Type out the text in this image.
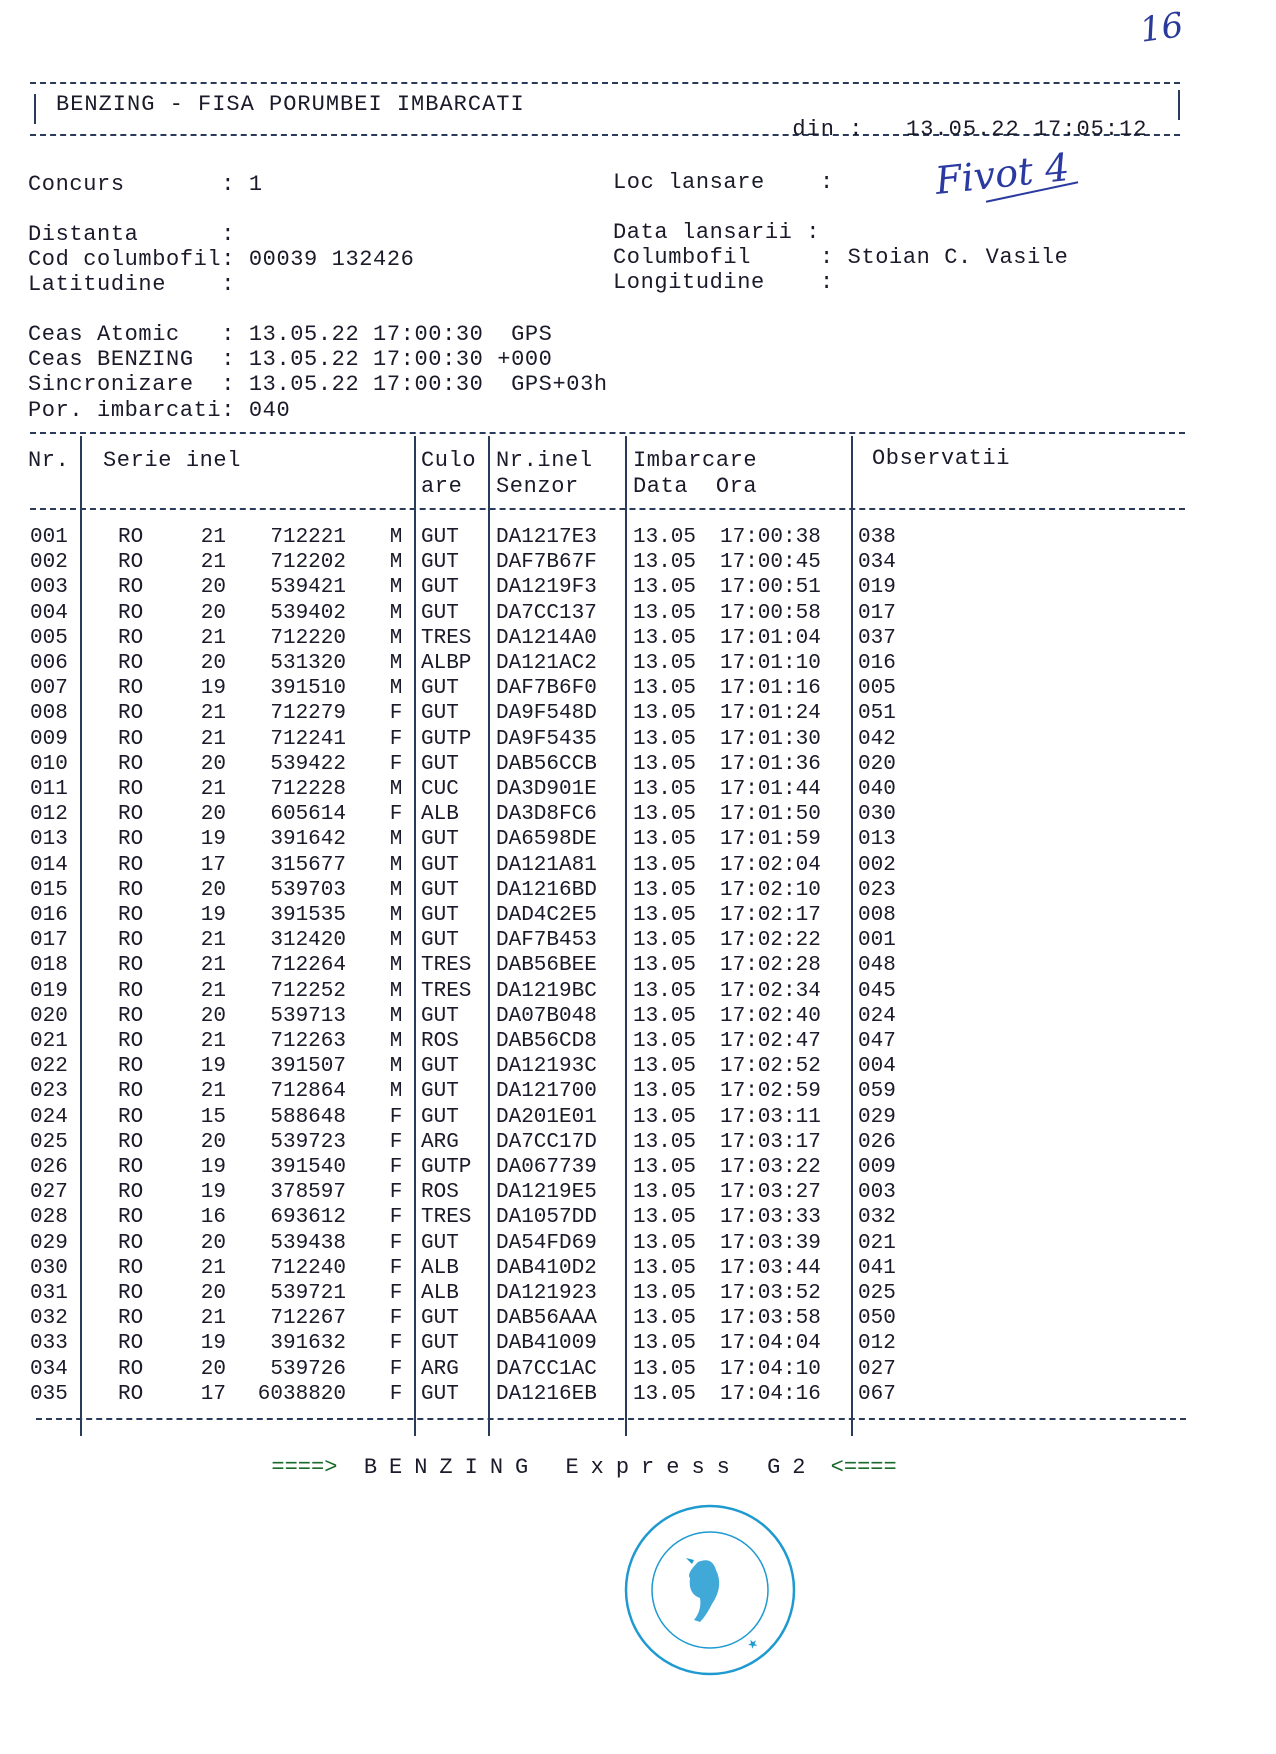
16
BENZING - FISA PORUMBEI IMBARCATI

din : 13.05.22 17:05:12

Concurs       : 1	Loc lansare    :	Fivot 4
Distanta      :	Data lansarii :
Cod columbofil: 00039 132426	Columbofil     : Stoian C. Vasile
Latitudine    :	Longitudine    :
Ceas Atomic   : 13.05.22 17:00:30  GPS
Ceas BENZING  : 13.05.22 17:00:30 +000
Sincronizare  : 13.05.22 17:00:30  GPS+03h
Por. imbarcati: 040
Nr. Serie inel	Culo
are
Nr.inel
Senzor
Imbarcare
Data  Ora
Observatii
001 RO	21	712221 M GUT DA1217E3 13.05 17:00:38 038
002 RO	21	712202 M GUT DAF7B67F 13.05 17:00:45 034
003 RO	20	539421 M GUT DA1219F3 13.05 17:00:51 019
004 RO	20	539402 M GUT DA7CC137 13.05 17:00:58 017
005 RO	21	712220 M TRES DA1214A0 13.05 17:01:04 037
006 RO	20	531320 M ALBP DA121AC2 13.05 17:01:10 016
007 RO	19	391510 M GUT DAF7B6F0 13.05 17:01:16 005
008 RO	21	712279 F GUT DA9F548D 13.05 17:01:24 051
009 RO	21	712241 F GUTP DA9F5435 13.05 17:01:30 042
010 RO	20	539422 F GUT DAB56CCB 13.05 17:01:36 020
011 RO	21	712228 M CUC DA3D901E 13.05 17:01:44 040
012 RO	20	605614 F ALB DA3D8FC6 13.05 17:01:50 030
013 RO	19	391642 M GUT DA6598DE 13.05 17:01:59 013
014 RO	17	315677 M GUT DA121A81 13.05 17:02:04 002
015 RO	20	539703 M GUT DA1216BD 13.05 17:02:10 023
016 RO	19	391535 M GUT DAD4C2E5 13.05 17:02:17 008
017 RO	21	312420 M GUT DAF7B453 13.05 17:02:22 001
018 RO	21	712264 M TRES DAB56BEE 13.05 17:02:28 048
019 RO	21	712252 M TRES DA1219BC 13.05 17:02:34 045
020 RO	20	539713 M GUT DA07B048 13.05 17:02:40 024
021 RO	21	712263 M ROS DAB56CD8 13.05 17:02:47 047
022 RO	19	391507 M GUT DA12193C 13.05 17:02:52 004
023 RO	21	712864 M GUT DA121700 13.05 17:02:59 059
024 RO	15	588648 F GUT DA201E01 13.05 17:03:11 029
025 RO	20	539723 F ARG DA7CC17D 13.05 17:03:17 026
026 RO	19	391540 F GUTP DA067739 13.05 17:03:22 009
027 RO	19	378597 F ROS DA1219E5 13.05 17:03:27 003
028 RO	16	693612 F TRES DA1057DD 13.05 17:03:33 032
029 RO	20	539438 F GUT DA54FD69 13.05 17:03:39 021
030 RO	21	712240 F ALB DAB410D2 13.05 17:03:44 041
031 RO	20	539721 F ALB DA121923 13.05 17:03:52 025
032 RO	21	712267 F GUT DAB56AAA 13.05 17:03:58 050
033 RO	19	391632 F GUT DAB41009 13.05 17:04:04 012
034 RO	20	539726 F ARG DA7CC1AC 13.05 17:04:10 027
035 RO	17	6038820 F GUT DA1216EB 13.05 17:04:16 067

====> BENZING Express G2 <====

★
